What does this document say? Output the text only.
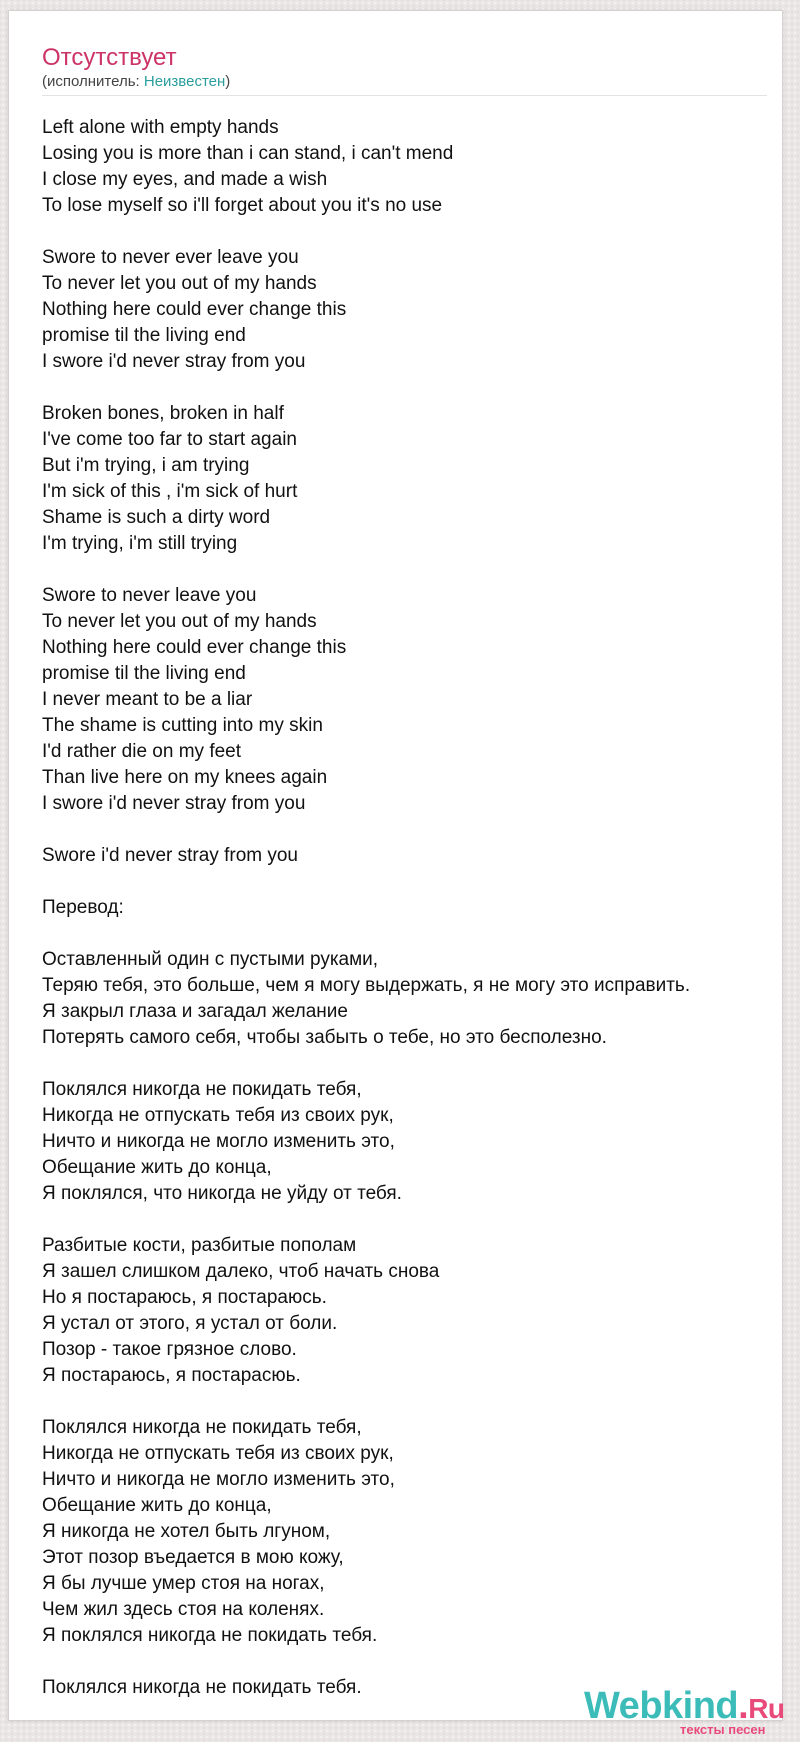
Отсутствует
(исполнитель: Неизвестен)
Left alone with empty hands
Losing you is more than i can stand, i can't mend
I close my eyes, and made a wish
To lose myself so i'll forget about you it's no use
Swore to never ever leave you
To never let you out of my hands
Nothing here could ever change this
promise til the living end
I swore i'd never stray from you
Broken bones, broken in half
I've come too far to start again
But i'm trying, i am trying
I'm sick of this , i'm sick of hurt
Shame is such a dirty word
I'm trying, i'm still trying
Swore to never leave you
To never let you out of my hands
Nothing here could ever change this
promise til the living end
I never meant to be a liar
The shame is cutting into my skin
I'd rather die on my feet
Than live here on my knees again
I swore i'd never stray from you
Swore i'd never stray from you
Перевод:
Оставленный один с пустыми руками,
Теряю тебя, это больше, чем я могу выдержать, я не могу это исправить.
Я закрыл глаза и загадал желание
Потерять самого себя, чтобы забыть о тебе, но это бесполезно.
Поклялся никогда не покидать тебя,
Никогда не отпускать тебя из своих рук,
Ничто и никогда не могло изменить это,
Обещание жить до конца,
Я поклялся, что никогда не уйду от тебя.
Разбитые кости, разбитые пополам
Я зашел слишком далеко, чтоб начать снова
Но я постараюсь, я постараюсь.
Я устал от этого, я устал от боли.
Позор - такое грязное слово.
Я постараюсь, я постарасюь.
Поклялся никогда не покидать тебя,
Никогда не отпускать тебя из своих рук,
Ничто и никогда не могло изменить это,
Обещание жить до конца,
Я никогда не хотел быть лгуном,
Этот позор въедается в мою кожу,
Я бы лучше умер стоя на ногах,
Чем жил здесь стоя на коленях.
Я поклялся никогда не покидать тебя.
Поклялся никогда не покидать тебя.	Webkind.Ru
тексты песен
